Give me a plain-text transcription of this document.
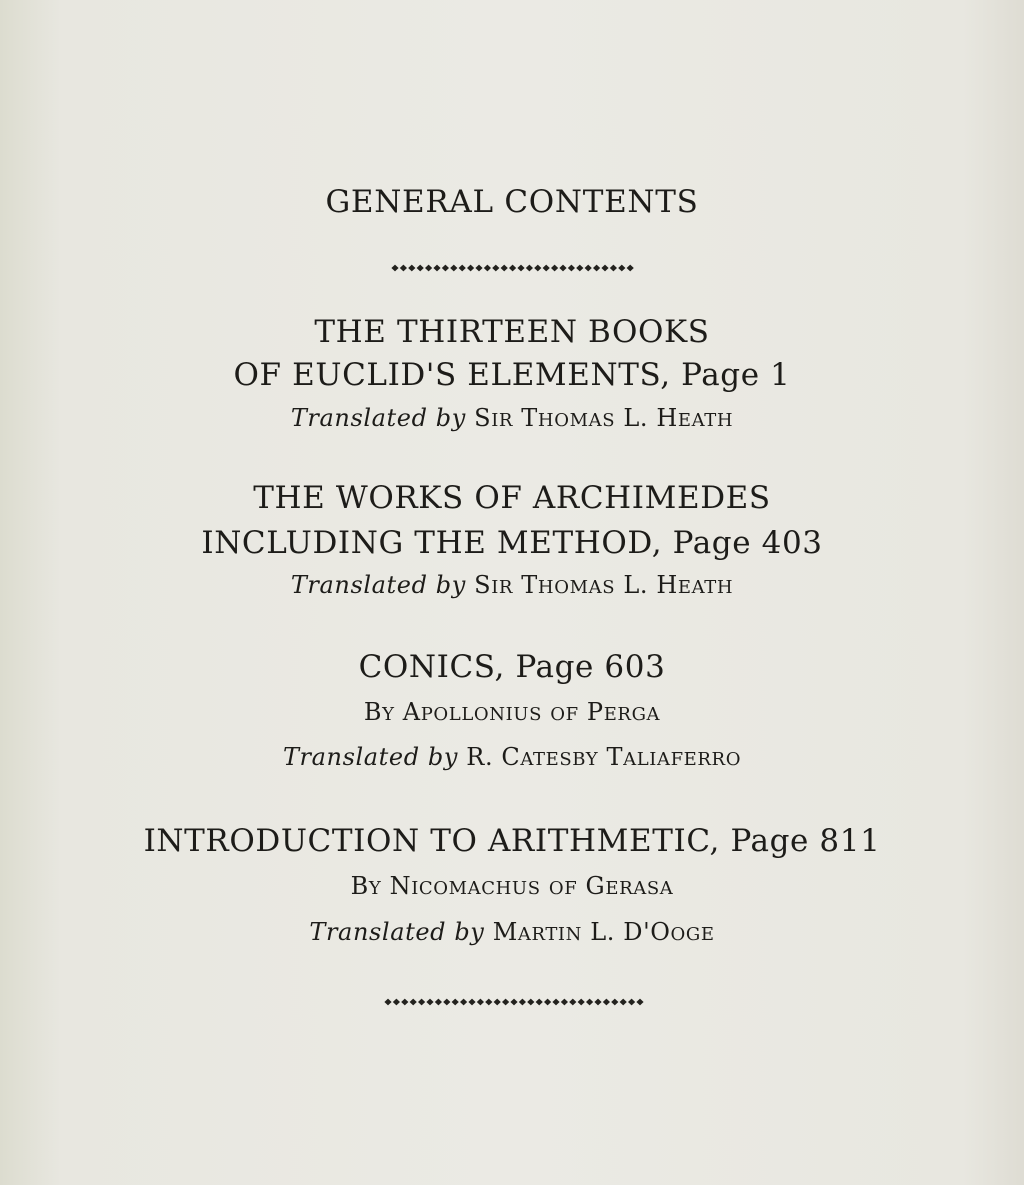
GENERAL CONTENTS
THE THIRTEEN BOOKS
OF EUCLID'S ELEMENTS, Page 1
Translated by SIR THOMAS L. HEATH
THE WORKS OF ARCHIMEDES
INCLUDING THE METHOD, Page 403
Translated by SIR THOMAS L. HEATH
CONICS, Page 603
BY APOLLONIUS OF PERGA
Translated by R. CATESBY TALIAFERRO
INTRODUCTION TO ARITHMETIC, Page 811
BY NICOMACHUS OF GERASA
Translated by MARTIN L. D'OOGE
